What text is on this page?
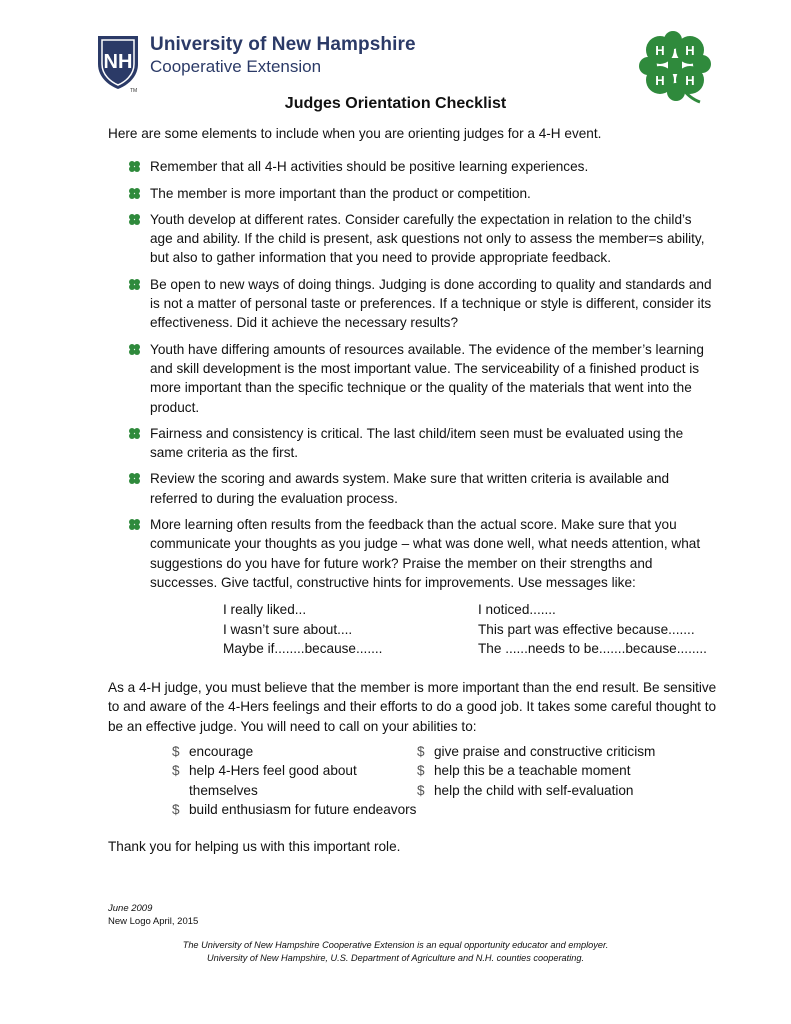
NH
University of New Hampshire
Cooperative Extension
TM
H H
H H
Judges Orientation Checklist

Here are some elements to include when you are orienting judges for a 4-H event.

Remember that all 4-H activities should be positive learning experiences.
The member is more important than the product or competition.
Youth develop at different rates. Consider carefully the expectation in relation to the child’s age and ability. If the child is present, ask questions not only to assess the member=s ability, but also to gather information that you need to provide appropriate feedback.
Be open to new ways of doing things. Judging is done according to quality and standards and is not a matter of personal taste or preferences. If a technique or style is different, consider its effectiveness. Did it achieve the necessary results?
Youth have differing amounts of resources available. The evidence of the member’s learning and skill development is the most important value. The serviceability of a finished product is more important than the specific technique or the quality of the materials that went into the product.
Fairness and consistency is critical. The last child/item seen must be evaluated using the same criteria as the first.
Review the scoring and awards system. Make sure that written criteria is available and referred to during the evaluation process.
More learning often results from the feedback than the actual score. Make sure that you communicate your thoughts as you judge – what was done well, what needs attention, what suggestions do you have for future work? Praise the member on their strengths and successes. Give tactful, constructive hints for improvements. Use messages like:
I really liked...	I noticed.......
I wasn’t sure about....	This part was effective because.......
Maybe if........because.......	The ......needs to be.......because........

As a 4-H judge, you must believe that the member is more important than the end result. Be sensitive to and aware of the 4-Hers feelings and their efforts to do a good job. It takes some careful thought to be an effective judge. You will need to call on your abilities to:

$ encourage
$ help 4-Hers feel good about themselves
$ build enthusiasm for future endeavors
$ give praise and constructive criticism
$ help this be a teachable moment
$ help the child with self-evaluation

Thank you for helping us with this important role.

June 2009
New Logo April, 2015
The University of New Hampshire Cooperative Extension is an equal opportunity educator and employer.
University of New Hampshire, U.S. Department of Agriculture and N.H. counties cooperating.
